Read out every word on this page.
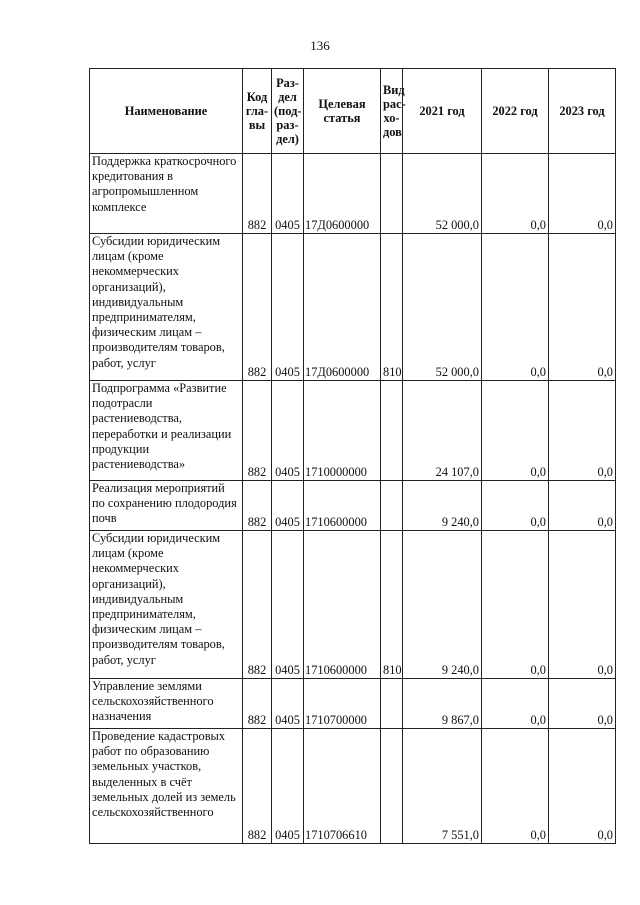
136
Наименование	Код гла- вы	Раз- дел (под- раз- дел)	Целевая статья	Вид рас- хо- дов	2021 год	2022 год	2023 год
Поддержка краткосрочного кредитования в агропромышленном комплексе	882	0405	17Д0600000		52 000,0	0,0	0,0
Субсидии юридическим лицам (кроме некоммерческих организаций), индивидуальным предпринимателям, физическим лицам – производителям товаров, работ, услуг	882	0405	17Д0600000	810	52 000,0	0,0	0,0
Подпрограмма «Развитие подотрасли растениеводства, переработки и реализации продукции растениеводства»	882	0405	1710000000		24 107,0	0,0	0,0
Реализация мероприятий по сохранению плодородия почв	882	0405	1710600000		9 240,0	0,0	0,0
Субсидии юридическим лицам (кроме некоммерческих организаций), индивидуальным предпринимателям, физическим лицам – производителям товаров, работ, услуг	882	0405	1710600000	810	9 240,0	0,0	0,0
Управление землями сельскохозяйственного назначения	882	0405	1710700000		9 867,0	0,0	0,0
Проведение кадастровых работ по образованию земельных участков, выделенных в счёт земельных долей из земель сельскохозяйственного	882	0405	1710706610		7 551,0	0,0	0,0
